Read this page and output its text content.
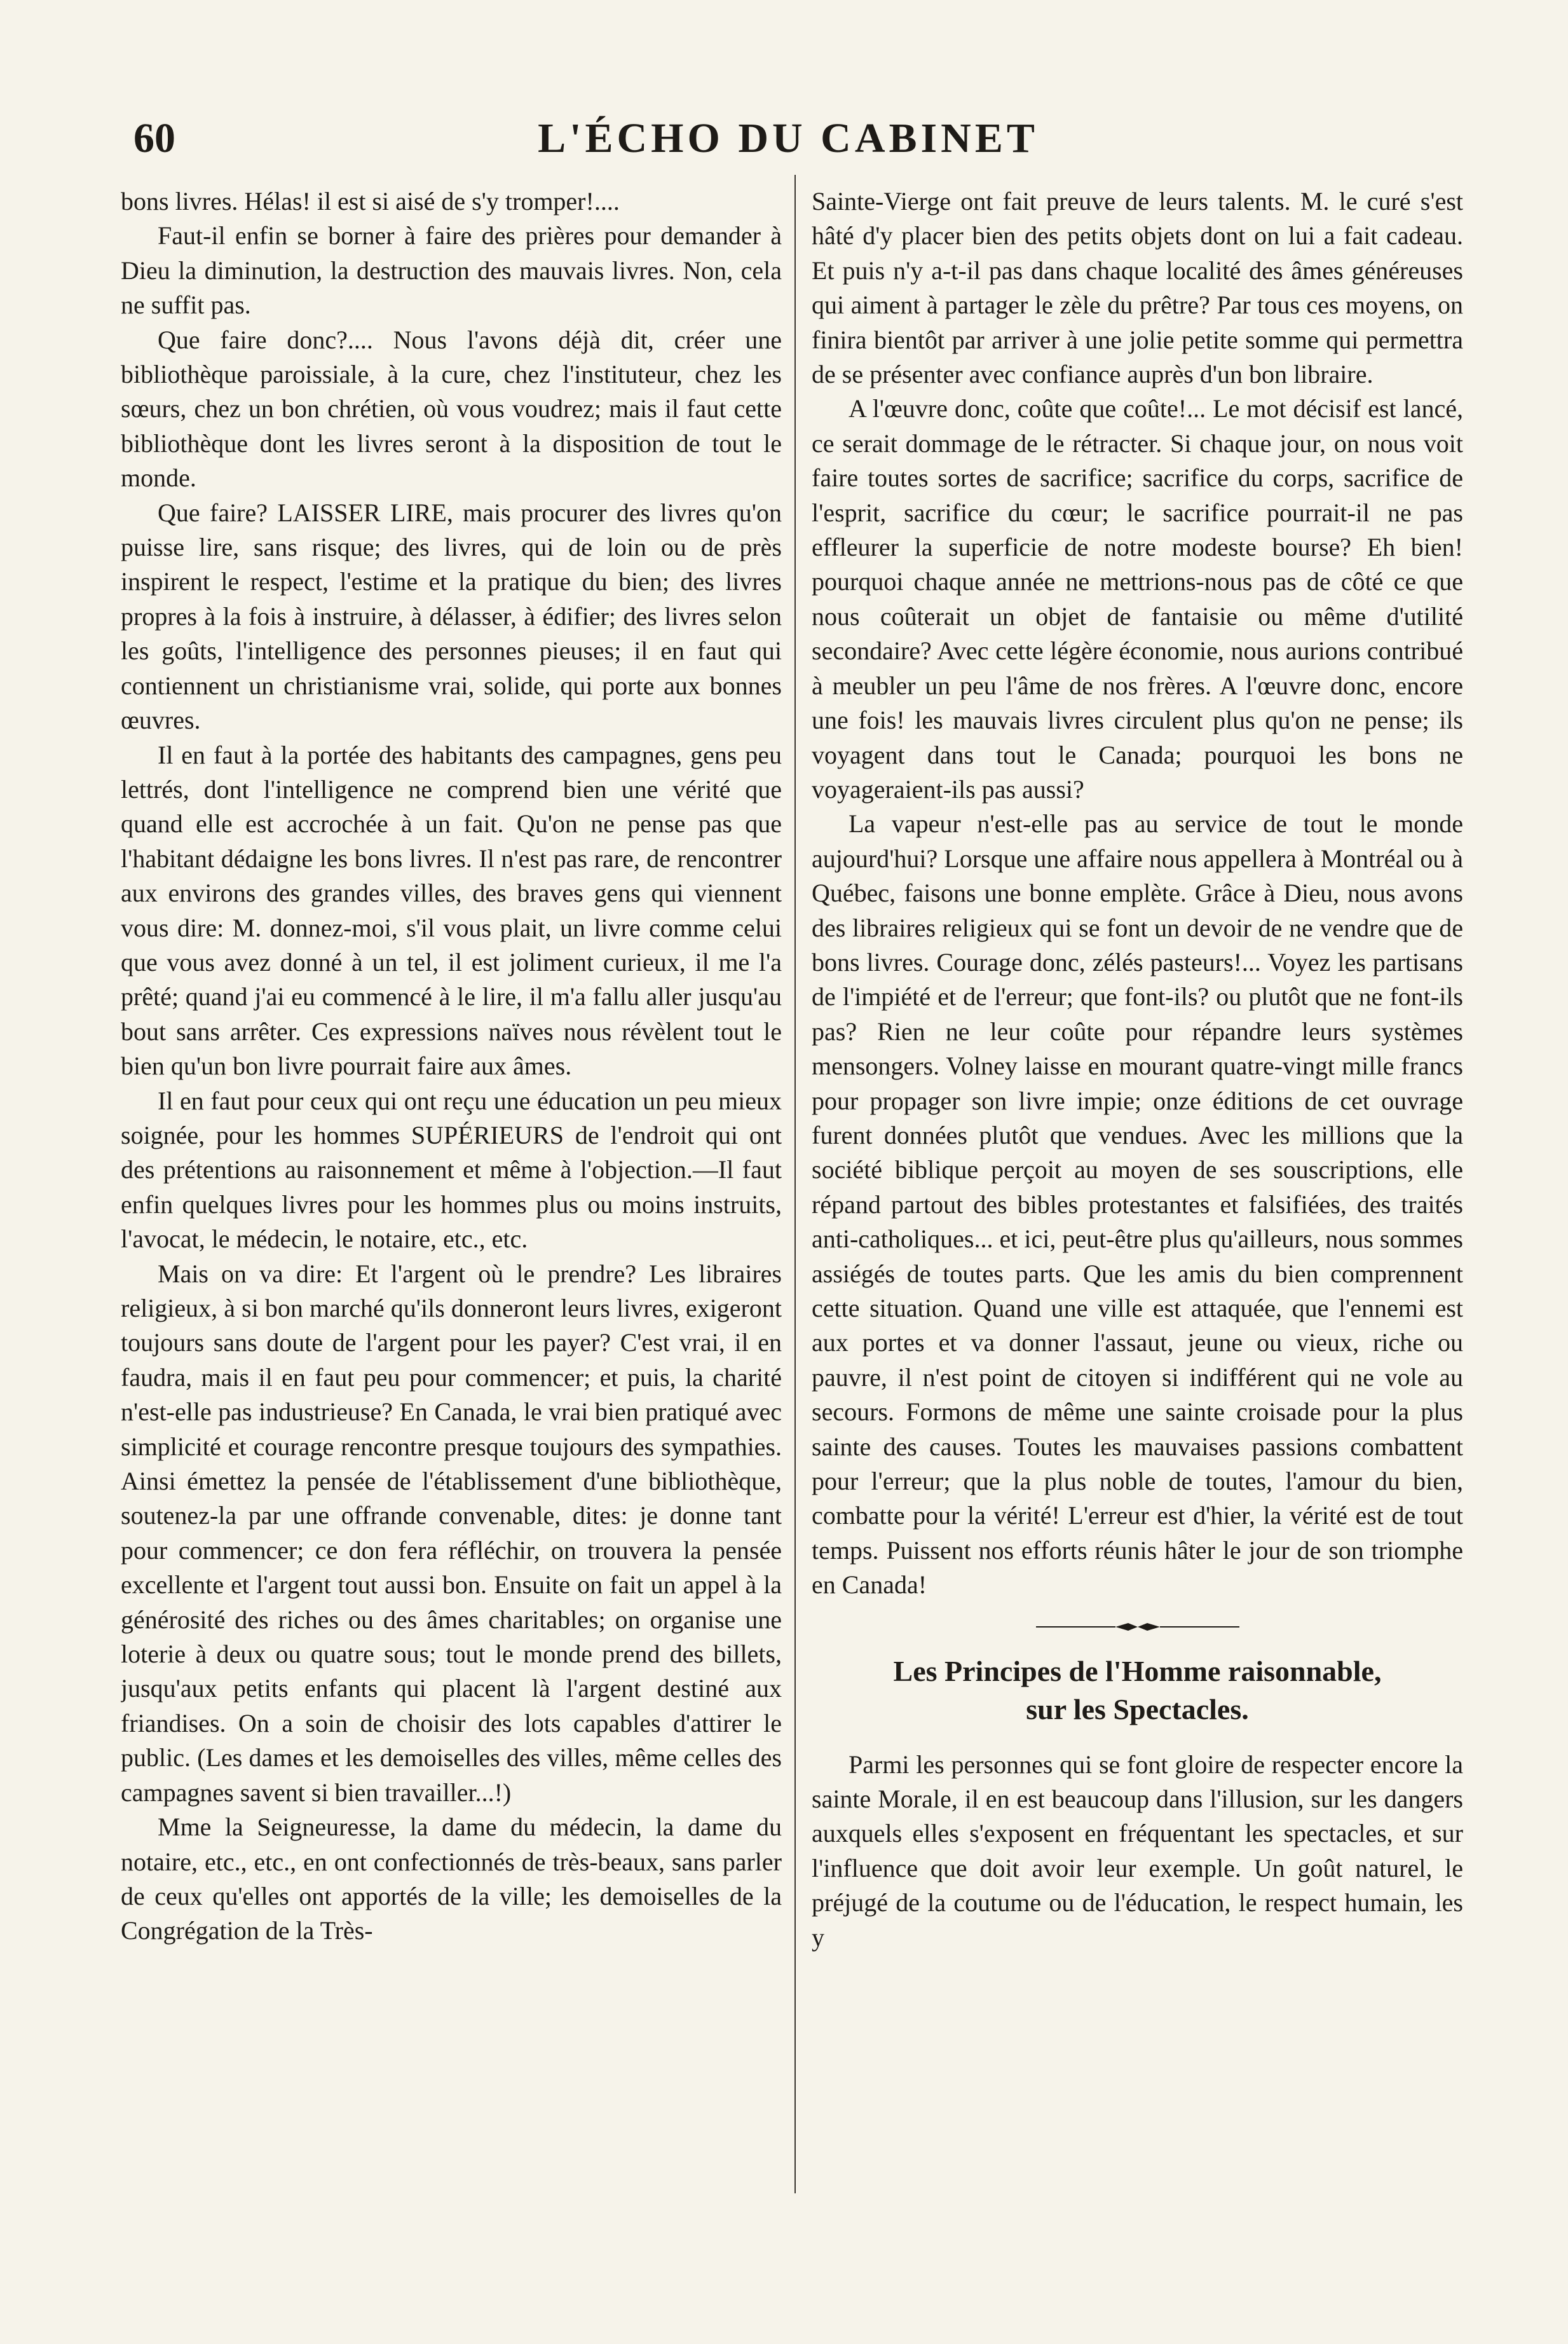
60	L'ÉCHO DU CABINET

bons livres. Hélas! il est si aisé de s'y tromper!....

Faut-il enfin se borner à faire des prières pour demander à Dieu la diminution, la destruction des mauvais livres. Non, cela ne suffit pas.

Que faire donc?.... Nous l'avons déjà dit, créer une bibliothèque paroissiale, à la cure, chez l'instituteur, chez les sœurs, chez un bon chrétien, où vous voudrez; mais il faut cette bibliothèque dont les livres seront à la disposition de tout le monde.

Que faire? LAISSER LIRE, mais procurer des livres qu'on puisse lire, sans risque; des livres, qui de loin ou de près inspirent le respect, l'estime et la pratique du bien; des livres propres à la fois à instruire, à délasser, à édifier; des livres selon les goûts, l'intelligence des personnes pieuses; il en faut qui contiennent un christianisme vrai, solide, qui porte aux bonnes œuvres.

Il en faut à la portée des habitants des campagnes, gens peu lettrés, dont l'intelligence ne comprend bien une vérité que quand elle est accrochée à un fait. Qu'on ne pense pas que l'habitant dédaigne les bons livres. Il n'est pas rare, de rencontrer aux environs des grandes villes, des braves gens qui viennent vous dire: M. donnez-moi, s'il vous plait, un livre comme celui que vous avez donné à un tel, il est joliment curieux, il me l'a prêté; quand j'ai eu commencé à le lire, il m'a fallu aller jusqu'au bout sans arrêter. Ces expressions naïves nous révèlent tout le bien qu'un bon livre pourrait faire aux âmes.

Il en faut pour ceux qui ont reçu une éducation un peu mieux soignée, pour les hommes SUPÉRIEURS de l'endroit qui ont des prétentions au raisonnement et même à l'objection.—Il faut enfin quelques livres pour les hommes plus ou moins instruits, l'avocat, le médecin, le notaire, etc., etc.

Mais on va dire: Et l'argent où le prendre? Les libraires religieux, à si bon marché qu'ils donneront leurs livres, exigeront toujours sans doute de l'argent pour les payer? C'est vrai, il en faudra, mais il en faut peu pour commencer; et puis, la charité n'est-elle pas industrieuse? En Canada, le vrai bien pratiqué avec simplicité et courage rencontre presque toujours des sympathies. Ainsi émettez la pensée de l'établissement d'une bibliothèque, soutenez-la par une offrande convenable, dites: je donne tant pour commencer; ce don fera réfléchir, on trouvera la pensée excellente et l'argent tout aussi bon. Ensuite on fait un appel à la générosité des riches ou des âmes charitables; on organise une loterie à deux ou quatre sous; tout le monde prend des billets, jusqu'aux petits enfants qui placent là l'argent destiné aux friandises. On a soin de choisir des lots capables d'attirer le public. (Les dames et les demoiselles des villes, même celles des campagnes savent si bien travailler...!)

Mme la Seigneuresse, la dame du médecin, la dame du notaire, etc., etc., en ont confectionnés de très-beaux, sans parler de ceux qu'elles ont apportés de la ville; les demoiselles de la Congrégation de la Très-

Sainte-Vierge ont fait preuve de leurs talents. M. le curé s'est hâté d'y placer bien des petits objets dont on lui a fait cadeau. Et puis n'y a-t-il pas dans chaque localité des âmes généreuses qui aiment à partager le zèle du prêtre? Par tous ces moyens, on finira bientôt par arriver à une jolie petite somme qui permettra de se présenter avec confiance auprès d'un bon libraire.

A l'œuvre donc, coûte que coûte!... Le mot décisif est lancé, ce serait dommage de le rétracter. Si chaque jour, on nous voit faire toutes sortes de sacrifice; sacrifice du corps, sacrifice de l'esprit, sacrifice du cœur; le sacrifice pourrait-il ne pas effleurer la superficie de notre modeste bourse? Eh bien! pourquoi chaque année ne mettrions-nous pas de côté ce que nous coûterait un objet de fantaisie ou même d'utilité secondaire? Avec cette légère économie, nous aurions contribué à meubler un peu l'âme de nos frères. A l'œuvre donc, encore une fois! les mauvais livres circulent plus qu'on ne pense; ils voyagent dans tout le Canada; pourquoi les bons ne voyageraient-ils pas aussi?

La vapeur n'est-elle pas au service de tout le monde aujourd'hui? Lorsque une affaire nous appellera à Montréal ou à Québec, faisons une bonne emplète. Grâce à Dieu, nous avons des libraires religieux qui se font un devoir de ne vendre que de bons livres. Courage donc, zélés pasteurs!... Voyez les partisans de l'impiété et de l'erreur; que font-ils? ou plutôt que ne font-ils pas? Rien ne leur coûte pour répandre leurs systèmes mensongers. Volney laisse en mourant quatre-vingt mille francs pour propager son livre impie; onze éditions de cet ouvrage furent données plutôt que vendues. Avec les millions que la société biblique perçoit au moyen de ses souscriptions, elle répand partout des bibles protestantes et falsifiées, des traités anti-catholiques... et ici, peut-être plus qu'ailleurs, nous sommes assiégés de toutes parts. Que les amis du bien comprennent cette situation. Quand une ville est attaquée, que l'ennemi est aux portes et va donner l'assaut, jeune ou vieux, riche ou pauvre, il n'est point de citoyen si indifférent qui ne vole au secours. Formons de même une sainte croisade pour la plus sainte des causes. Toutes les mauvaises passions combattent pour l'erreur; que la plus noble de toutes, l'amour du bien, combatte pour la vérité! L'erreur est d'hier, la vérité est de tout temps. Puissent nos efforts réunis hâter le jour de son triomphe en Canada!

Les Principes de l'Homme raisonnable,
sur les Spectacles.

Parmi les personnes qui se font gloire de respecter encore la sainte Morale, il en est beaucoup dans l'illusion, sur les dangers auxquels elles s'exposent en fréquentant les spectacles, et sur l'influence que doit avoir leur exemple. Un goût naturel, le préjugé de la coutume ou de l'éducation, le respect humain, les y
